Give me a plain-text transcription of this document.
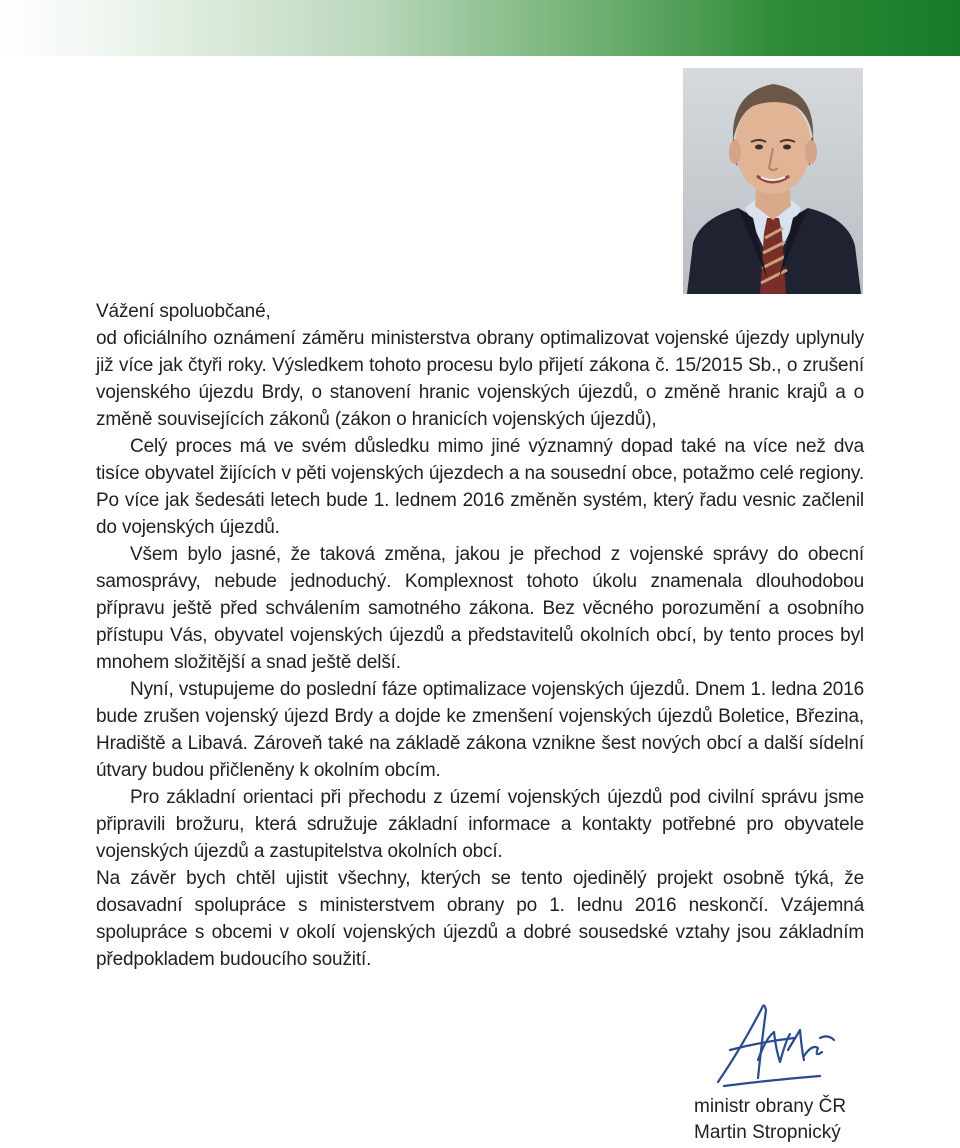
Vážení spoluobčané,

od oficiálního oznámení záměru ministerstva obrany optimalizovat vojenské újezdy uplynuly již více jak čtyři roky. Výsledkem tohoto procesu bylo přijetí zákona č. 15/2015 Sb., o zrušení vojenského újezdu Brdy, o stanovení hranic vojenských újezdů, o změně hranic krajů a o změně souvisejících zákonů (zákon o hranicích vojenských újezdů),

Celý proces má ve svém důsledku mimo jiné významný dopad také na více než dva tisíce obyvatel žijících v pěti vojenských újezdech a na sousední obce, potažmo celé regiony. Po více jak šedesáti letech bude 1. lednem 2016 změněn systém, který řadu vesnic začlenil do vojenských újezdů.

Všem bylo jasné, že taková změna, jakou je přechod z vojenské správy do obecní samosprávy, nebude jednoduchý. Komplexnost tohoto úkolu znamenala dlouhodobou přípravu ještě před schválením samotného zákona. Bez věcného porozumění a osobního přístupu Vás, obyvatel vojenských újezdů a představitelů okolních obcí, by tento proces byl mnohem složitější a snad ještě delší.

Nyní, vstupujeme do poslední fáze optimalizace vojenských újezdů. Dnem 1. ledna 2016 bude zrušen vojenský újezd Brdy a dojde ke zmenšení vojenských újezdů Boletice, Březina, Hradiště a Libavá. Zároveň také na základě zákona vznikne šest nových obcí a další sídelní útvary budou přičleněny k okolním obcím.

Pro základní orientaci při přechodu z území vojenských újezdů pod civilní správu jsme připravili brožuru, která sdružuje základní informace a kontakty potřebné pro obyvatele vojenských újezdů a zastupitelstva okolních obcí.

Na závěr bych chtěl ujistit všechny, kterých se tento ojedinělý projekt osobně týká, že dosavadní spolupráce s ministerstvem obrany po 1. lednu 2016 neskončí. Vzájemná spolupráce s obcemi v okolí vojenských újezdů a dobré sousedské vztahy jsou základním předpokladem budoucího soužití.

ministr obrany ČR
Martin Stropnický
